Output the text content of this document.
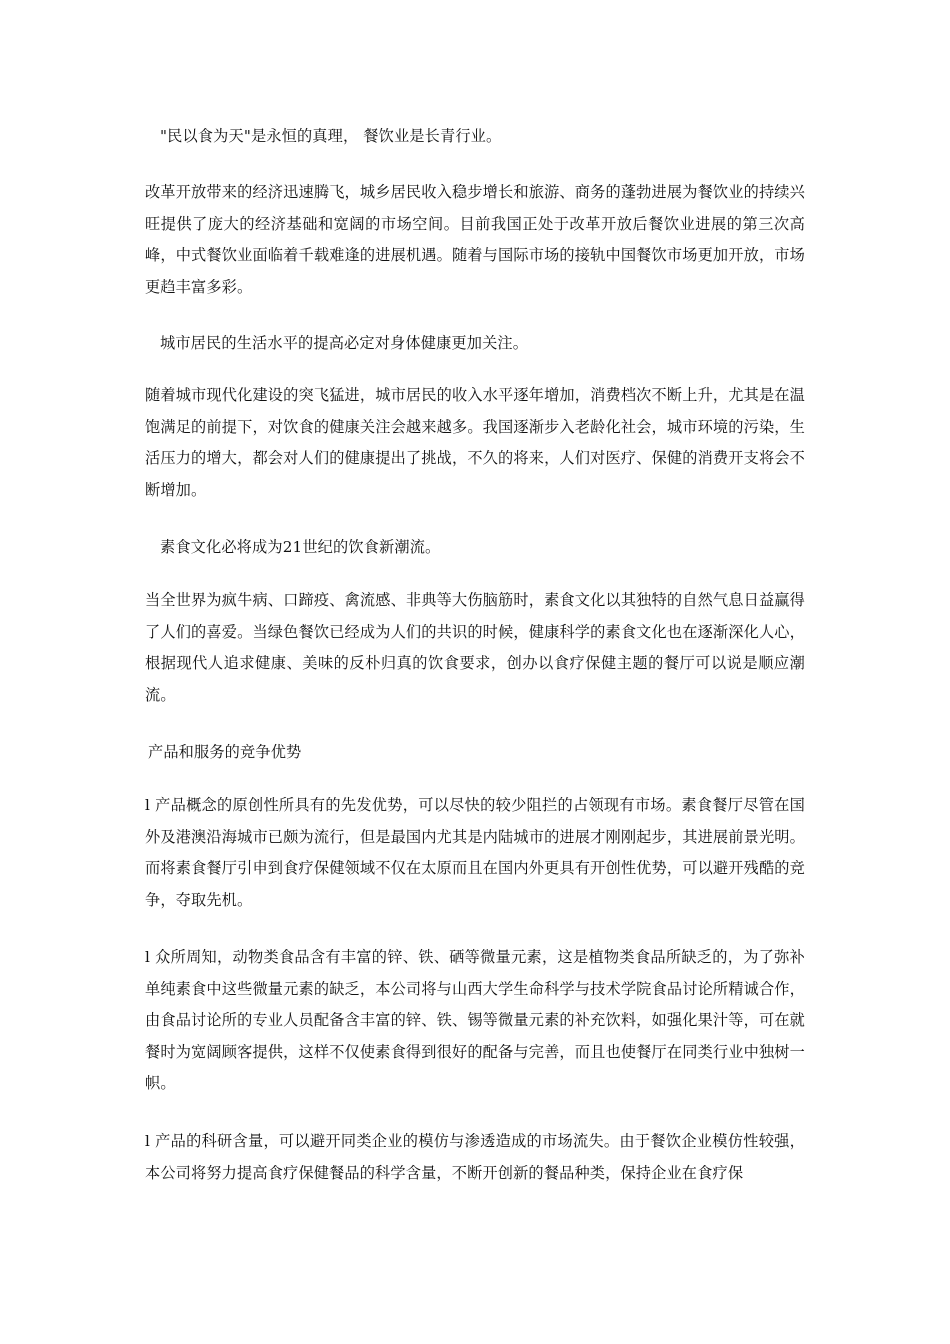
"民以食为天"是永恒的真理， 餐饮业是长青行业。

改革开放带来的经济迅速腾飞，城乡居民收入稳步增长和旅游、商务的蓬勃进展为餐饮业的持续兴旺提供了庞大的经济基础和宽阔的市场空间。目前我国正处于改革开放后餐饮业进展的第三次高峰，中式餐饮业面临着千载难逢的进展机遇。随着与国际市场的接轨中国餐饮市场更加开放，市场更趋丰富多彩。

城市居民的生活水平的提高必定对身体健康更加关注。

随着城市现代化建设的突飞猛进，城市居民的收入水平逐年增加，消费档次不断上升，尤其是在温饱满足的前提下，对饮食的健康关注会越来越多。我国逐渐步入老龄化社会，城市环境的污染，生活压力的增大，都会对人们的健康提出了挑战，不久的将来，人们对医疗、保健的消费开支将会不断增加。

素食文化必将成为21世纪的饮食新潮流。

当全世界为疯牛病、口蹄疫、禽流感、非典等大伤脑筋时，素食文化以其独特的自然气息日益赢得了人们的喜爱。当绿色餐饮已经成为人们的共识的时候，健康科学的素食文化也在逐渐深化人心，根据现代人追求健康、美味的反朴归真的饮食要求，创办以食疗保健主题的餐厅可以说是顺应潮流。

产品和服务的竞争优势

l 产品概念的原创性所具有的先发优势，可以尽快的较少阻拦的占领现有市场。素食餐厅尽管在国外及港澳沿海城市已颇为流行，但是最国内尤其是内陆城市的进展才刚刚起步，其进展前景光明。而将素食餐厅引申到食疗保健领域不仅在太原而且在国内外更具有开创性优势，可以避开残酷的竞争，夺取先机。

l 众所周知，动物类食品含有丰富的锌、铁、硒等微量元素，这是植物类食品所缺乏的，为了弥补单纯素食中这些微量元素的缺乏，本公司将与山西大学生命科学与技术学院食品讨论所精诚合作，由食品讨论所的专业人员配备含丰富的锌、铁、锡等微量元素的补充饮料，如强化果汁等，可在就餐时为宽阔顾客提供，这样不仅使素食得到很好的配备与完善，而且也使餐厅在同类行业中独树一帜。

l 产品的科研含量，可以避开同类企业的模仿与渗透造成的市场流失。由于餐饮企业模仿性较强，本公司将努力提高食疗保健餐品的科学含量，不断开创新的餐品种类，保持企业在食疗保
